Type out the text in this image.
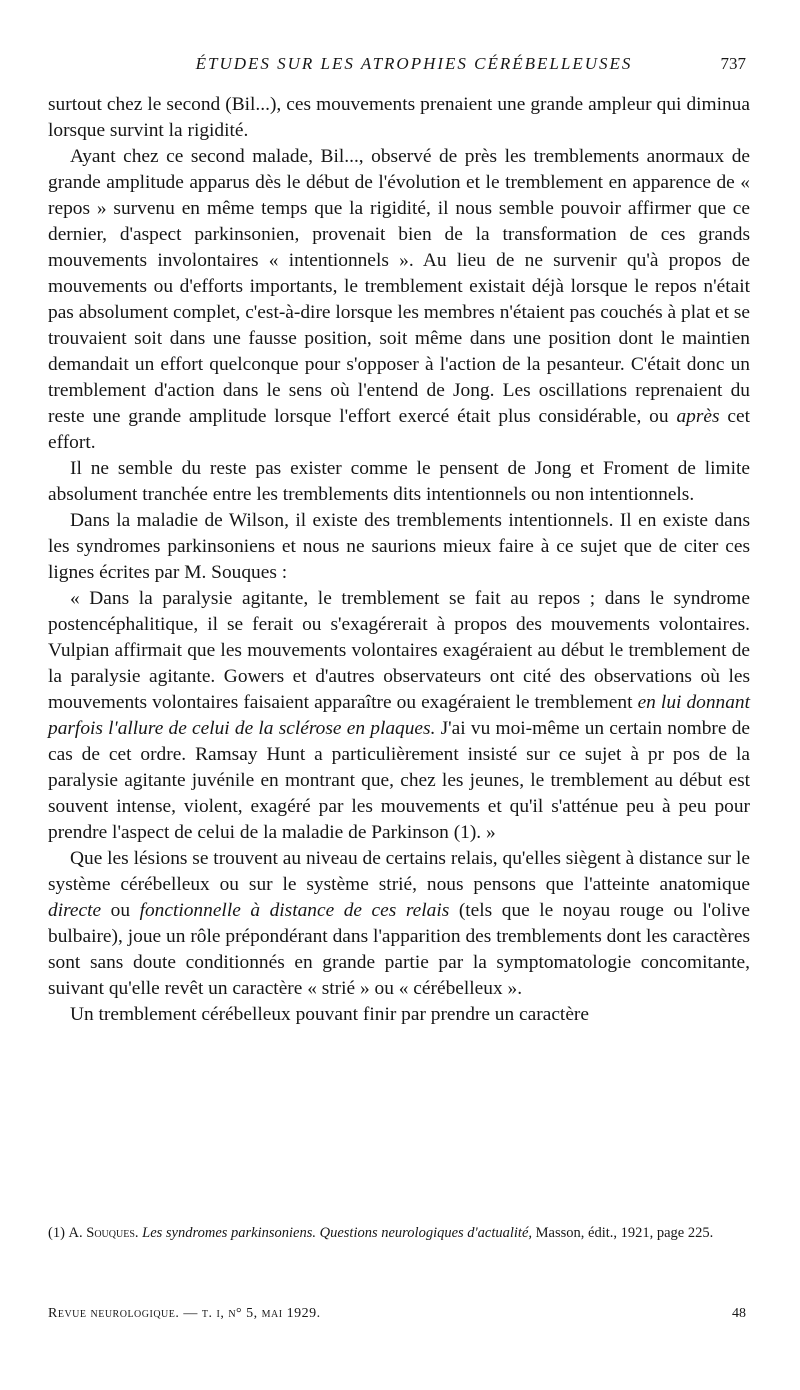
ÉTUDES SUR LES ATROPHIES CÉRÉBELLEUSES	737

surtout chez le second (Bil...), ces mouvements prenaient une grande ampleur qui diminua lorsque survint la rigidité.

Ayant chez ce second malade, Bil..., observé de près les tremblements anormaux de grande amplitude apparus dès le début de l'évolution et le tremblement en apparence de « repos » survenu en même temps que la rigidité, il nous semble pouvoir affirmer que ce dernier, d'aspect parkinsonien, provenait bien de la transformation de ces grands mouvements involontaires « intentionnels ». Au lieu de ne survenir qu'à propos de mouvements ou d'efforts importants, le tremblement existait déjà lorsque le repos n'était pas absolument complet, c'est-à-dire lorsque les membres n'étaient pas couchés à plat et se trouvaient soit dans une fausse position, soit même dans une position dont le maintien demandait un effort quelconque pour s'opposer à l'action de la pesanteur. C'était donc un tremblement d'action dans le sens où l'entend de Jong. Les oscillations reprenaient du reste une grande amplitude lorsque l'effort exercé était plus considérable, ou après cet effort.

Il ne semble du reste pas exister comme le pensent de Jong et Froment de limite absolument tranchée entre les tremblements dits intentionnels ou non intentionnels.

Dans la maladie de Wilson, il existe des tremblements intentionnels. Il en existe dans les syndromes parkinsoniens et nous ne saurions mieux faire à ce sujet que de citer ces lignes écrites par M. Souques :

« Dans la paralysie agitante, le tremblement se fait au repos ; dans le syndrome postencéphalitique, il se ferait ou s'exagérerait à propos des mouvements volontaires. Vulpian affirmait que les mouvements volontaires exagéraient au début le tremblement de la paralysie agitante. Gowers et d'autres observateurs ont cité des observations où les mouvements volontaires faisaient apparaître ou exagéraient le tremblement en lui donnant parfois l'allure de celui de la sclérose en plaques. J'ai vu moi-même un certain nombre de cas de cet ordre. Ramsay Hunt a particulièrement insisté sur ce sujet à pr pos de la paralysie agitante juvénile en montrant que, chez les jeunes, le tremblement au début est souvent intense, violent, exagéré par les mouvements et qu'il s'atténue peu à peu pour prendre l'aspect de celui de la maladie de Parkinson (1). »

Que les lésions se trouvent au niveau de certains relais, qu'elles siègent à distance sur le système cérébelleux ou sur le système strié, nous pensons que l'atteinte anatomique directe ou fonctionnelle à distance de ces relais (tels que le noyau rouge ou l'olive bulbaire), joue un rôle prépondérant dans l'apparition des tremblements dont les caractères sont sans doute conditionnés en grande partie par la symptomatologie concomitante, suivant qu'elle revêt un caractère « strié » ou « cérébelleux ».

Un tremblement cérébelleux pouvant finir par prendre un caractère

(1) A. Souques. Les syndromes parkinsoniens. Questions neurologiques d'actualité, Masson, édit., 1921, page 225.
Revue neurologique. — t. i, n° 5, mai 1929.	48
